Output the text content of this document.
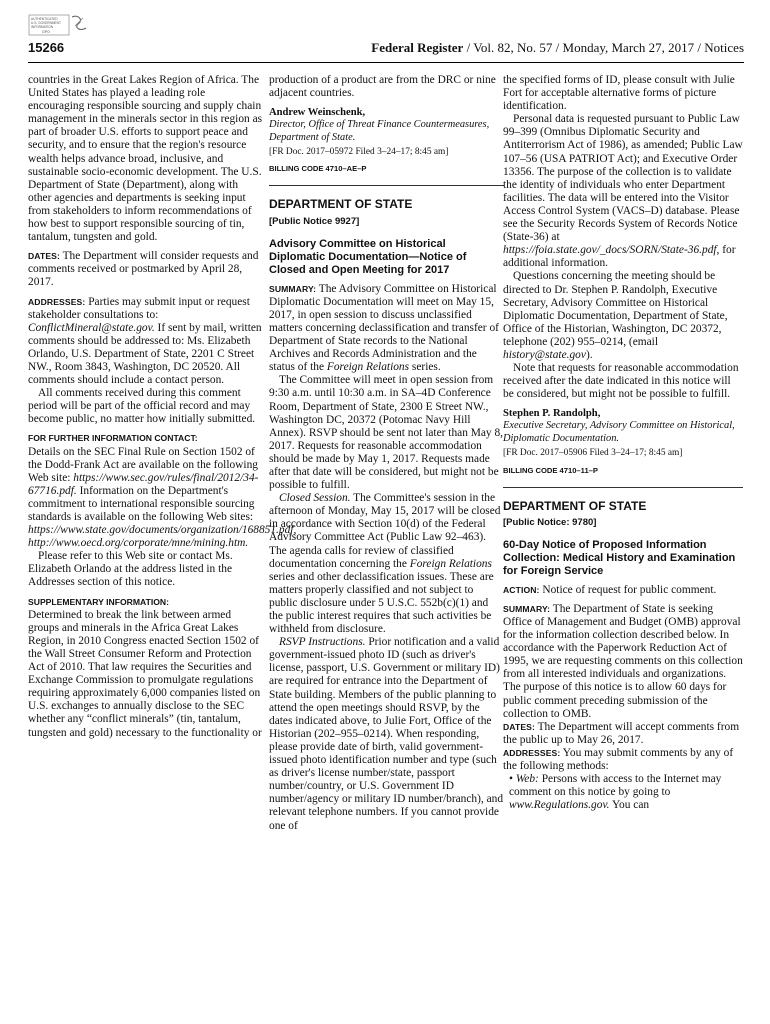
AUTHENTICATED
U.S. GOVERNMENT
INFORMATION
GPO
15266	Federal Register / Vol. 82, No. 57 / Monday, March 27, 2017 / Notices

countries in the Great Lakes Region of Africa. The United States has played a leading role encouraging responsible sourcing and supply chain management in the minerals sector in this region as part of broader U.S. efforts to support peace and security, and to ensure that the region's resource wealth helps advance broad, inclusive, and sustainable socio-economic development. The U.S. Department of State (Department), along with other agencies and departments is seeking input from stakeholders to inform recommendations of how best to support responsible sourcing of tin, tantalum, tungsten and gold.

DATES: The Department will consider requests and comments received or postmarked by April 28, 2017.

ADDRESSES: Parties may submit input or request stakeholder consultations to: ConflictMineral@state.gov. If sent by mail, written comments should be addressed to: Ms. Elizabeth Orlando, U.S. Department of State, 2201 C Street NW., Room 3843, Washington, DC 20520. All comments should include a contact person.

All comments received during this comment period will be part of the official record and may become public, no matter how initially submitted.

FOR FURTHER INFORMATION CONTACT:

Details on the SEC Final Rule on Section 1502 of the Dodd-Frank Act are available on the following Web site: https://www.sec.gov/rules/final/2012/34-67716.pdf. Information on the Department's commitment to international responsible sourcing standards is available on the following Web sites: https://www.state.gov/documents/organization/168851.pdf, http://www.oecd.org/corporate/mne/mining.htm.

Please refer to this Web site or contact Ms. Elizabeth Orlando at the address listed in the Addresses section of this notice.

SUPPLEMENTARY INFORMATION:

Determined to break the link between armed groups and minerals in the Africa Great Lakes Region, in 2010 Congress enacted Section 1502 of the Wall Street Consumer Reform and Protection Act of 2010. That law requires the Securities and Exchange Commission to promulgate regulations requiring approximately 6,000 companies listed on U.S. exchanges to annually disclose to the SEC whether any “conflict minerals” (tin, tantalum, tungsten and gold) necessary to the functionality or

production of a product are from the DRC or nine adjacent countries.

Andrew Weinschenk,
Director, Office of Threat Finance Countermeasures, Department of State.
[FR Doc. 2017–05972 Filed 3–24–17; 8:45 am]
BILLING CODE 4710–AE–P
DEPARTMENT OF STATE
[Public Notice 9927]
Advisory Committee on Historical Diplomatic Documentation—Notice of Closed and Open Meeting for 2017

SUMMARY: The Advisory Committee on Historical Diplomatic Documentation will meet on May 15, 2017, in open session to discuss unclassified matters concerning declassification and transfer of Department of State records to the National Archives and Records Administration and the status of the Foreign Relations series.

The Committee will meet in open session from 9:30 a.m. until 10:30 a.m. in SA–4D Conference Room, Department of State, 2300 E Street NW., Washington DC, 20372 (Potomac Navy Hill Annex). RSVP should be sent not later than May 8, 2017. Requests for reasonable accommodation should be made by May 1, 2017. Requests made after that date will be considered, but might not be possible to fulfill.

Closed Session. The Committee's session in the afternoon of Monday, May 15, 2017 will be closed in accordance with Section 10(d) of the Federal Advisory Committee Act (Public Law 92–463). The agenda calls for review of classified documentation concerning the Foreign Relations series and other declassification issues. These are matters properly classified and not subject to public disclosure under 5 U.S.C. 552b(c)(1) and the public interest requires that such activities be withheld from disclosure.

RSVP Instructions. Prior notification and a valid government-issued photo ID (such as driver's license, passport, U.S. Government or military ID) are required for entrance into the Department of State building. Members of the public planning to attend the open meetings should RSVP, by the dates indicated above, to Julie Fort, Office of the Historian (202–955–0214). When responding, please provide date of birth, valid government-issued photo identification number and type (such as driver's license number/state, passport number/country, or U.S. Government ID number/agency or military ID number/branch), and relevant telephone numbers. If you cannot provide one of

the specified forms of ID, please consult with Julie Fort for acceptable alternative forms of picture identification.

Personal data is requested pursuant to Public Law 99–399 (Omnibus Diplomatic Security and Antiterrorism Act of 1986), as amended; Public Law 107–56 (USA PATRIOT Act); and Executive Order 13356. The purpose of the collection is to validate the identity of individuals who enter Department facilities. The data will be entered into the Visitor Access Control System (VACS–D) database. Please see the Security Records System of Records Notice (State-36) at https://foia.state.gov/_docs/SORN/State-36.pdf, for additional information.

Questions concerning the meeting should be directed to Dr. Stephen P. Randolph, Executive Secretary, Advisory Committee on Historical Diplomatic Documentation, Department of State, Office of the Historian, Washington, DC 20372, telephone (202) 955–0214, (email history@state.gov).

Note that requests for reasonable accommodation received after the date indicated in this notice will be considered, but might not be possible to fulfill.

Stephen P. Randolph,
Executive Secretary, Advisory Committee on Historical, Diplomatic Documentation.
[FR Doc. 2017–05906 Filed 3–24–17; 8:45 am]
BILLING CODE 4710–11–P
DEPARTMENT OF STATE
[Public Notice: 9780]
60-Day Notice of Proposed Information Collection: Medical History and Examination for Foreign Service

ACTION: Notice of request for public comment.

SUMMARY: The Department of State is seeking Office of Management and Budget (OMB) approval for the information collection described below. In accordance with the Paperwork Reduction Act of 1995, we are requesting comments on this collection from all interested individuals and organizations. The purpose of this notice is to allow 60 days for public comment preceding submission of the collection to OMB.

DATES: The Department will accept comments from the public up to May 26, 2017.

ADDRESSES: You may submit comments by any of the following methods:

• Web: Persons with access to the Internet may comment on this notice by going to www.Regulations.gov. You can
